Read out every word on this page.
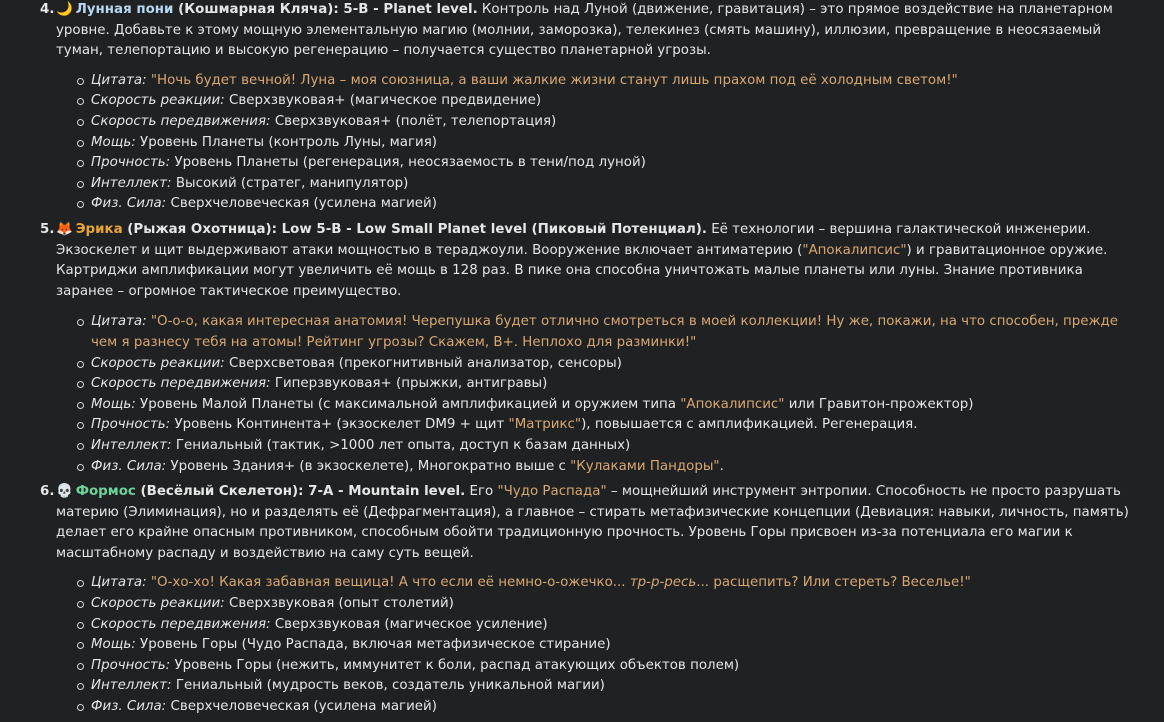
4. 🌙 Лунная пони (Кошмарная Кляча): 5-B - Planet level. Контроль над Луной (движение, гравитация) – это прямое воздействие на планетарном уровне. Добавьте к этому мощную элементальную магию (молнии, заморозка), телекинез (смять машину), иллюзии, превращение в неосязаемый туман, телепортацию и высокую регенерацию – получается существо планетарной угрозы.
Цитата: "Ночь будет вечной! Луна – моя союзница, а ваши жалкие жизни станут лишь прахом под её холодным светом!"
Скорость реакции: Сверхзвуковая+ (магическое предвидение)
Скорость передвижения: Сверхзвуковая+ (полёт, телепортация)
Мощь: Уровень Планеты (контроль Луны, магия)
Прочность: Уровень Планеты (регенерация, неосязаемость в тени/под луной)
Интеллект: Высокий (стратег, манипулятор)
Физ. Сила: Сверхчеловеческая (усилена магией)
5. 🦊 Эрика (Рыжая Охотница): Low 5-B - Low Small Planet level (Пиковый Потенциал). Её технологии – вершина галактической инженерии. Экзоскелет и щит выдерживают атаки мощностью в тераджоули. Вооружение включает антиматерию ("Апокалипсис") и гравитационное оружие. Картриджи амплификации могут увеличить её мощь в 128 раз. В пике она способна уничтожать малые планеты или луны. Знание противника заранее – огромное тактическое преимущество.
Цитата: "О-о-о, какая интересная анатомия! Черепушка будет отлично смотреться в моей коллекции! Ну же, покажи, на что способен, прежде чем я разнесу тебя на атомы! Рейтинг угрозы? Скажем, B+. Неплохо для разминки!"
Скорость реакции: Сверхсветовая (прекогнитивный анализатор, сенсоры)
Скорость передвижения: Гиперзвуковая+ (прыжки, антигравы)
Мощь: Уровень Малой Планеты (с максимальной амплификацией и оружием типа "Апокалипсис" или Гравитон-прожектор)
Прочность: Уровень Континента+ (экзоскелет DM9 + щит "Матрикс"), повышается с амплификацией. Регенерация.
Интеллект: Гениальный (тактик, >1000 лет опыта, доступ к базам данных)
Физ. Сила: Уровень Здания+ (в экзоскелете), Многократно выше с "Кулаками Пандоры".
6. 💀 Формос (Весёлый Скелетон): 7-A - Mountain level. Его "Чудо Распада" – мощнейший инструмент энтропии. Способность не просто разрушать материю (Элиминация), но и разделять её (Дефрагментация), а главное – стирать метафизические концепции (Девиация: навыки, личность, память) делает его крайне опасным противником, способным обойти традиционную прочность. Уровень Горы присвоен из-за потенциала его магии к масштабному распаду и воздействию на саму суть вещей.
Цитата: "О-хо-хо! Какая забавная вещица! А что если её немно-о-ожечко... тр-р-ресь... расщепить? Или стереть? Веселье!"
Скорость реакции: Сверхзвуковая (опыт столетий)
Скорость передвижения: Сверхзвуковая (магическое усиление)
Мощь: Уровень Горы (Чудо Распада, включая метафизическое стирание)
Прочность: Уровень Горы (нежить, иммунитет к боли, распад атакующих объектов полем)
Интеллект: Гениальный (мудрость веков, создатель уникальной магии)
Физ. Сила: Сверхчеловеческая (усилена магией)
